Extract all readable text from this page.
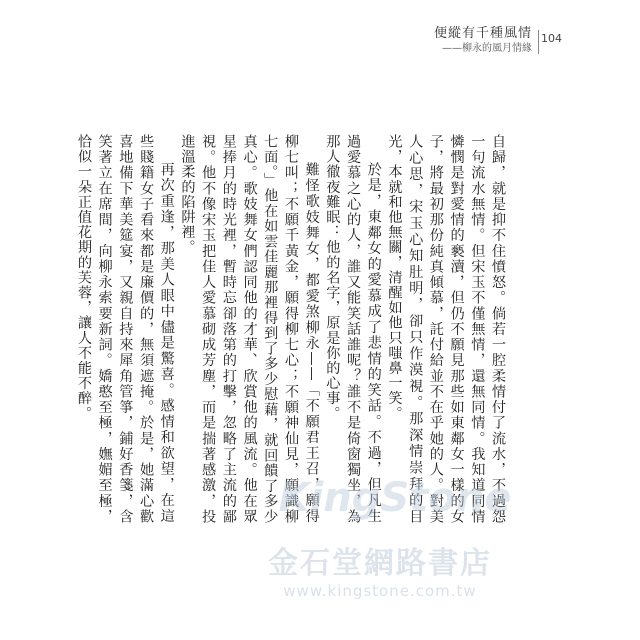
便縱有千種風情
——柳永的風月情緣
104

自歸，就是抑不住憤怒。倘若一腔柔情付了流水，不過怨一句流水無情。但宋玉不僅無情，還無同情。我知道同情憐憫是對愛情的褻瀆，但仍不願見那些如東鄰女一樣的女子，將最初那份純真傾慕，託付給並不在乎她的人。對美人心思，宋玉心知肚明，卻只作漠視。那深情崇拜的目光，本就和他無關，清醒如他只嗤鼻一笑。

於是，東鄰女的愛慕成了悲情的笑話。不過，但凡生過愛慕之心的人，誰又能笑話誰呢？誰不是倚窗獨坐，為那人徹夜難眠：他的名字，原是你的心事。

難怪歌妓舞女，都愛煞柳永——「不願君王召，願得柳七叫；不願千黃金，願得柳七心；不願神仙見，願識柳七面。」他在如雲佳麗那裡得到了多少慰藉，就回饋了多少真心。歌妓舞女們認同他的才華、欣賞他的風流。他在眾星捧月的時光裡，暫時忘卻落第的打擊，忽略了主流的鄙視。他不像宋玉把佳人愛慕砌成芳塵，而是揣著感激，投進溫柔的陷阱裡。

再次重逢，那美人眼中儘是驚喜。感情和欲望，在這些賤籍女子看來都是廉價的，無須遮掩。於是，她滿心歡喜地備下華美筵宴，又親自持來犀角管箏，鋪好香箋，含笑著立在席間，向柳永索要新詞。嬌憨至極，嫵媚至極，恰似一朵正值花期的芙蓉，讓人不能不醉。

KingStone
金石堂網路書店
www.kingstone.com.tw
